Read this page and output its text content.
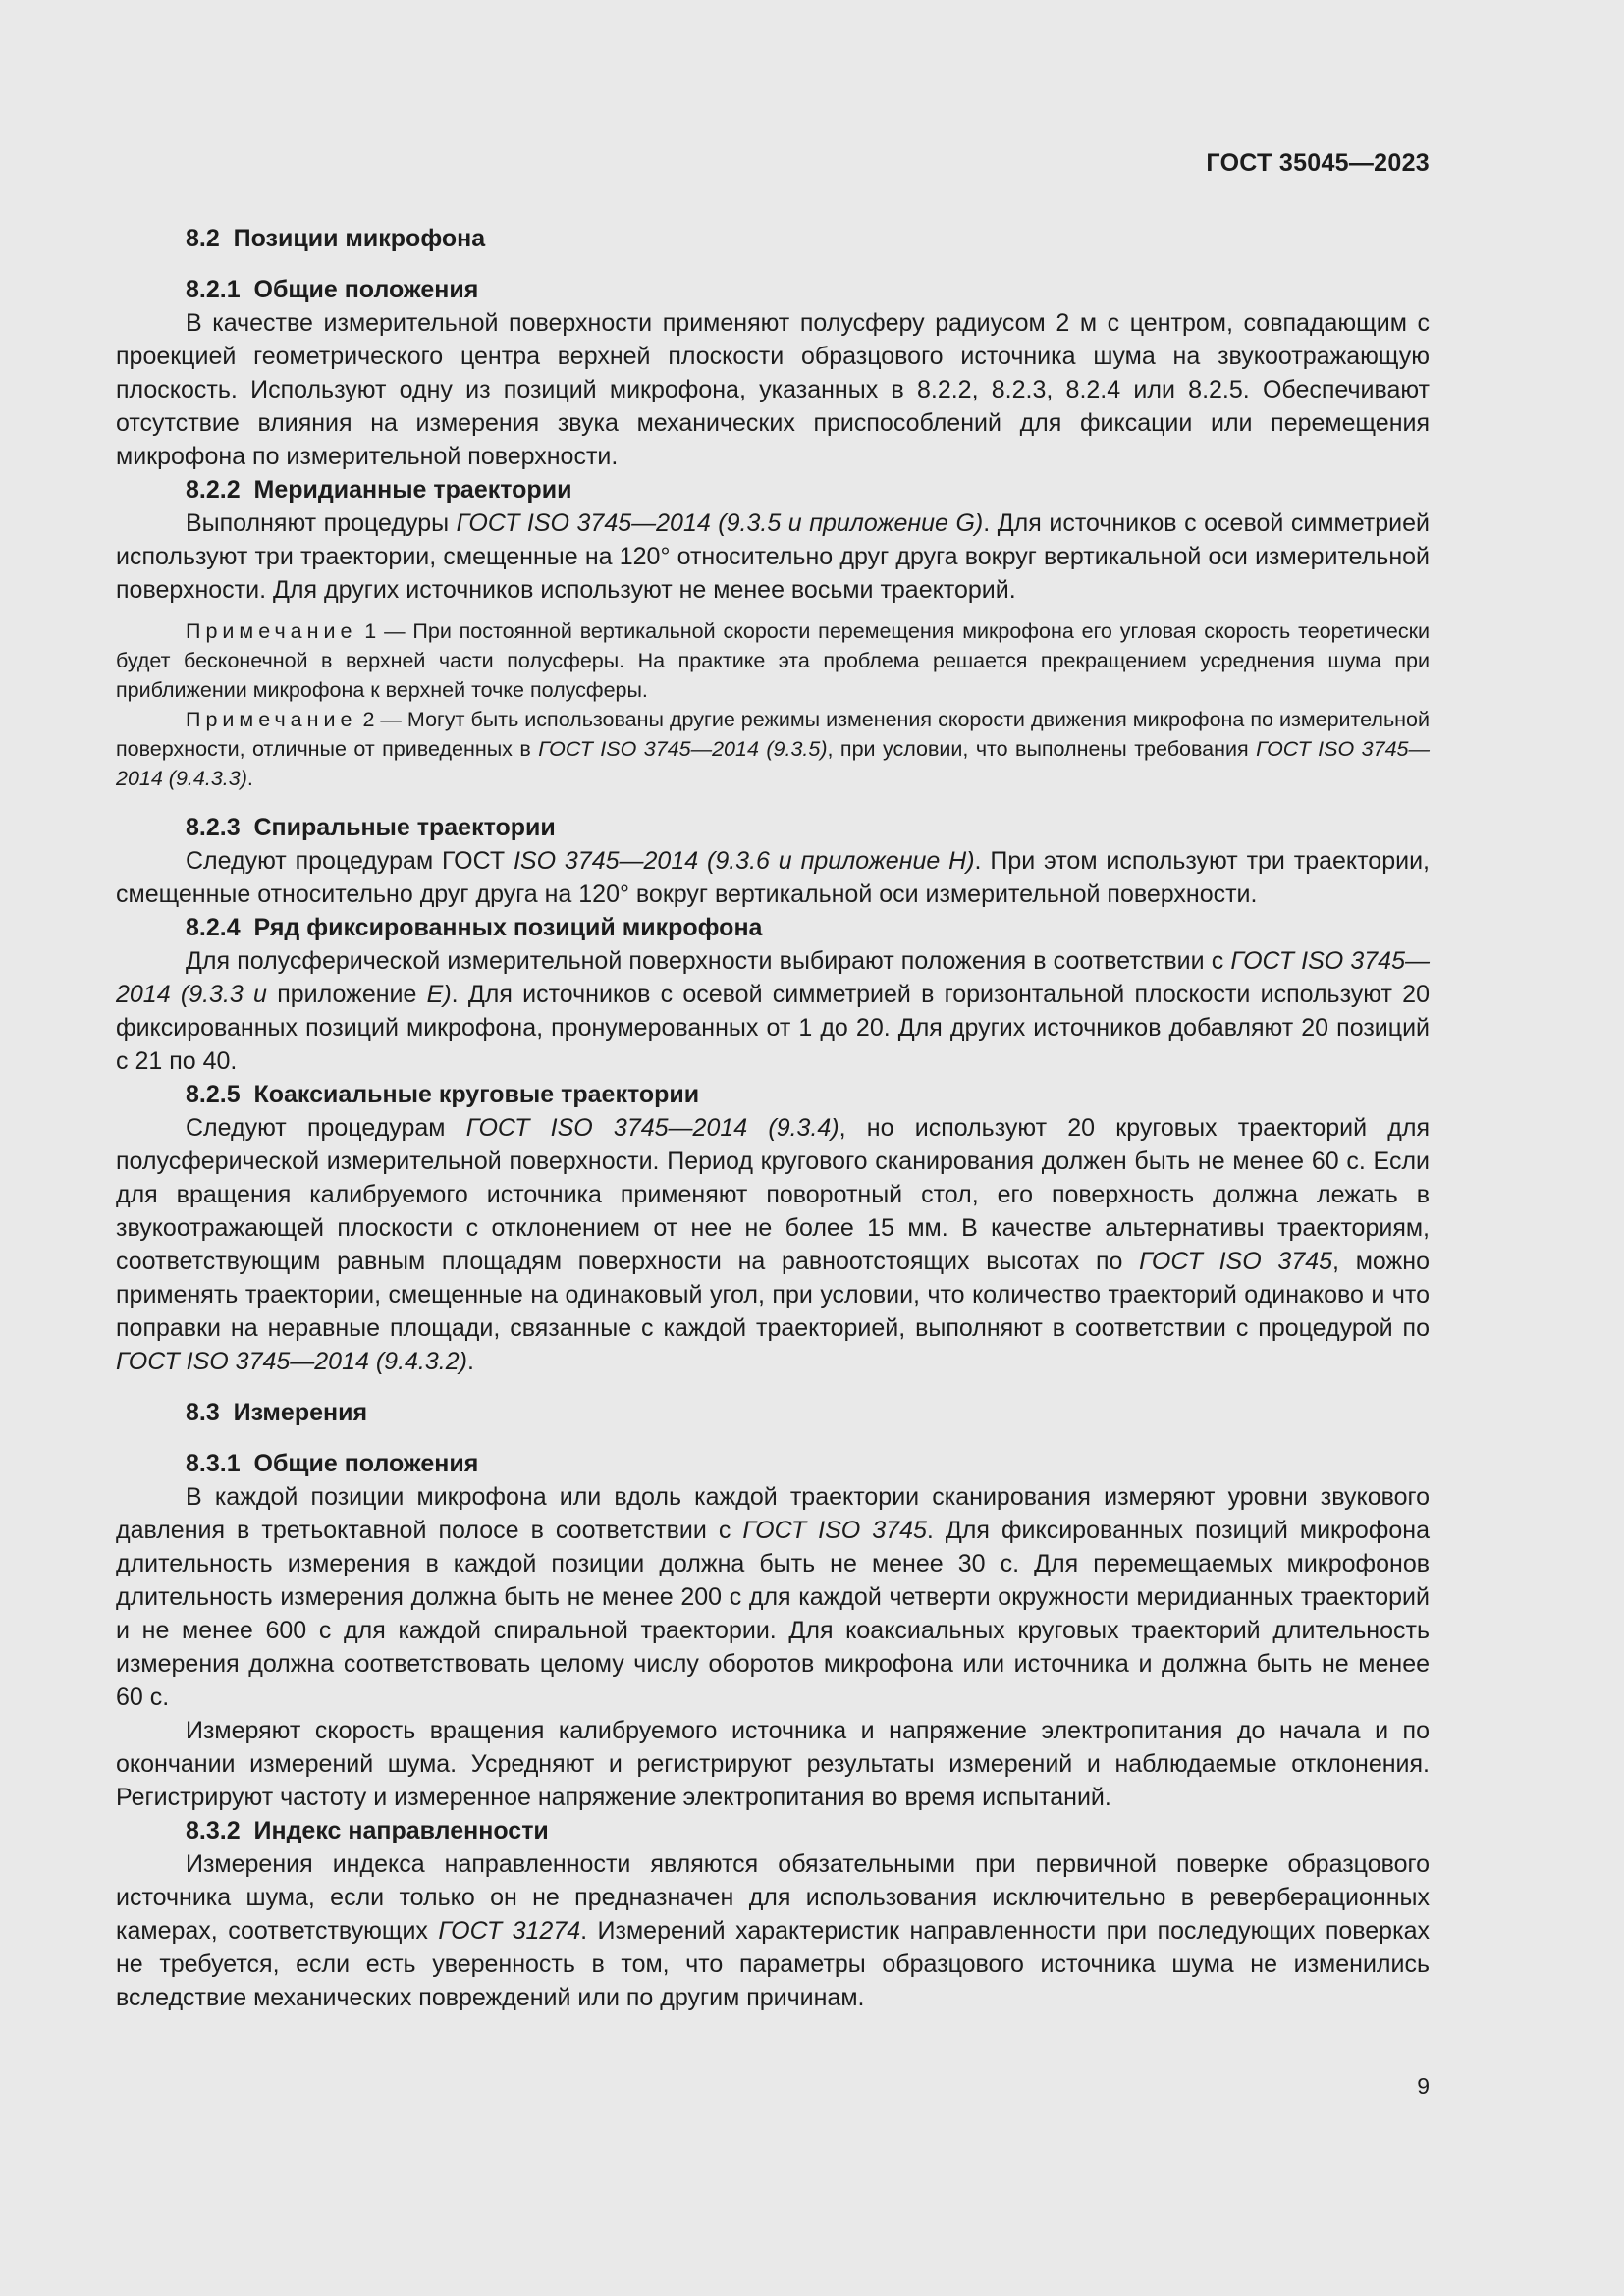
ГОСТ 35045—2023

8.2  Позиции микрофона

8.2.1  Общие положения

В качестве измерительной поверхности применяют полусферу радиусом 2 м с центром, совпадающим с проекцией геометрического центра верхней плоскости образцового источника шума на звукоотражающую плоскость. Используют одну из позиций микрофона, указанных в 8.2.2, 8.2.3, 8.2.4 или 8.2.5. Обеспечивают отсутствие влияния на измерения звука механических приспособлений для фиксации или перемещения микрофона по измерительной поверхности.

8.2.2  Меридианные траектории

Выполняют процедуры ГОСТ ISO 3745—2014 (9.3.5 и приложение G). Для источников с осевой симметрией используют три траектории, смещенные на 120° относительно друг друга вокруг вертикальной оси измерительной поверхности. Для других источников используют не менее восьми траекторий.

Примечание 1 — При постоянной вертикальной скорости перемещения микрофона его угловая скорость теоретически будет бесконечной в верхней части полусферы. На практике эта проблема решается прекращением усреднения шума при приближении микрофона к верхней точке полусферы.

Примечание 2 — Могут быть использованы другие режимы изменения скорости движения микрофона по измерительной поверхности, отличные от приведенных в ГОСТ ISO 3745—2014 (9.3.5), при условии, что выполнены требования ГОСТ ISO 3745—2014 (9.4.3.3).

8.2.3  Спиральные траектории

Следуют процедурам ГОСТ ISO 3745—2014 (9.3.6 и приложение H). При этом используют три траектории, смещенные относительно друг друга на 120° вокруг вертикальной оси измерительной поверхности.

8.2.4  Ряд фиксированных позиций микрофона

Для полусферической измерительной поверхности выбирают положения в соответствии с ГОСТ ISO 3745—2014 (9.3.3 и приложение E). Для источников с осевой симметрией в горизонтальной плоскости используют 20 фиксированных позиций микрофона, пронумерованных от 1 до 20. Для других источников добавляют 20 позиций с 21 по 40.

8.2.5  Коаксиальные круговые траектории

Следуют процедурам ГОСТ ISO 3745—2014 (9.3.4), но используют 20 круговых траекторий для полусферической измерительной поверхности. Период кругового сканирования должен быть не менее 60 с. Если для вращения калибруемого источника применяют поворотный стол, его поверхность должна лежать в звукоотражающей плоскости с отклонением от нее не более 15 мм. В качестве альтернативы траекториям, соответствующим равным площадям поверхности на равноотстоящих высотах по ГОСТ ISO 3745, можно применять траектории, смещенные на одинаковый угол, при условии, что количество траекторий одинаково и что поправки на неравные площади, связанные с каждой траекторией, выполняют в соответствии с процедурой по ГОСТ ISO 3745—2014 (9.4.3.2).

8.3  Измерения

8.3.1  Общие положения

В каждой позиции микрофона или вдоль каждой траектории сканирования измеряют уровни звукового давления в третьоктавной полосе в соответствии с ГОСТ ISO 3745. Для фиксированных позиций микрофона длительность измерения в каждой позиции должна быть не менее 30 с. Для перемещаемых микрофонов длительность измерения должна быть не менее 200 с для каждой четверти окружности меридианных траекторий и не менее 600 с для каждой спиральной траектории. Для коаксиальных круговых траекторий длительность измерения должна соответствовать целому числу оборотов микрофона или источника и должна быть не менее 60 с.

Измеряют скорость вращения калибруемого источника и напряжение электропитания до начала и по окончании измерений шума. Усредняют и регистрируют результаты измерений и наблюдаемые отклонения. Регистрируют частоту и измеренное напряжение электропитания во время испытаний.

8.3.2  Индекс направленности

Измерения индекса направленности являются обязательными при первичной поверке образцового источника шума, если только он не предназначен для использования исключительно в реверберационных камерах, соответствующих ГОСТ 31274. Измерений характеристик направленности при последующих поверках не требуется, если есть уверенность в том, что параметры образцового источника шума не изменились вследствие механических повреждений или по другим причинам.

9
